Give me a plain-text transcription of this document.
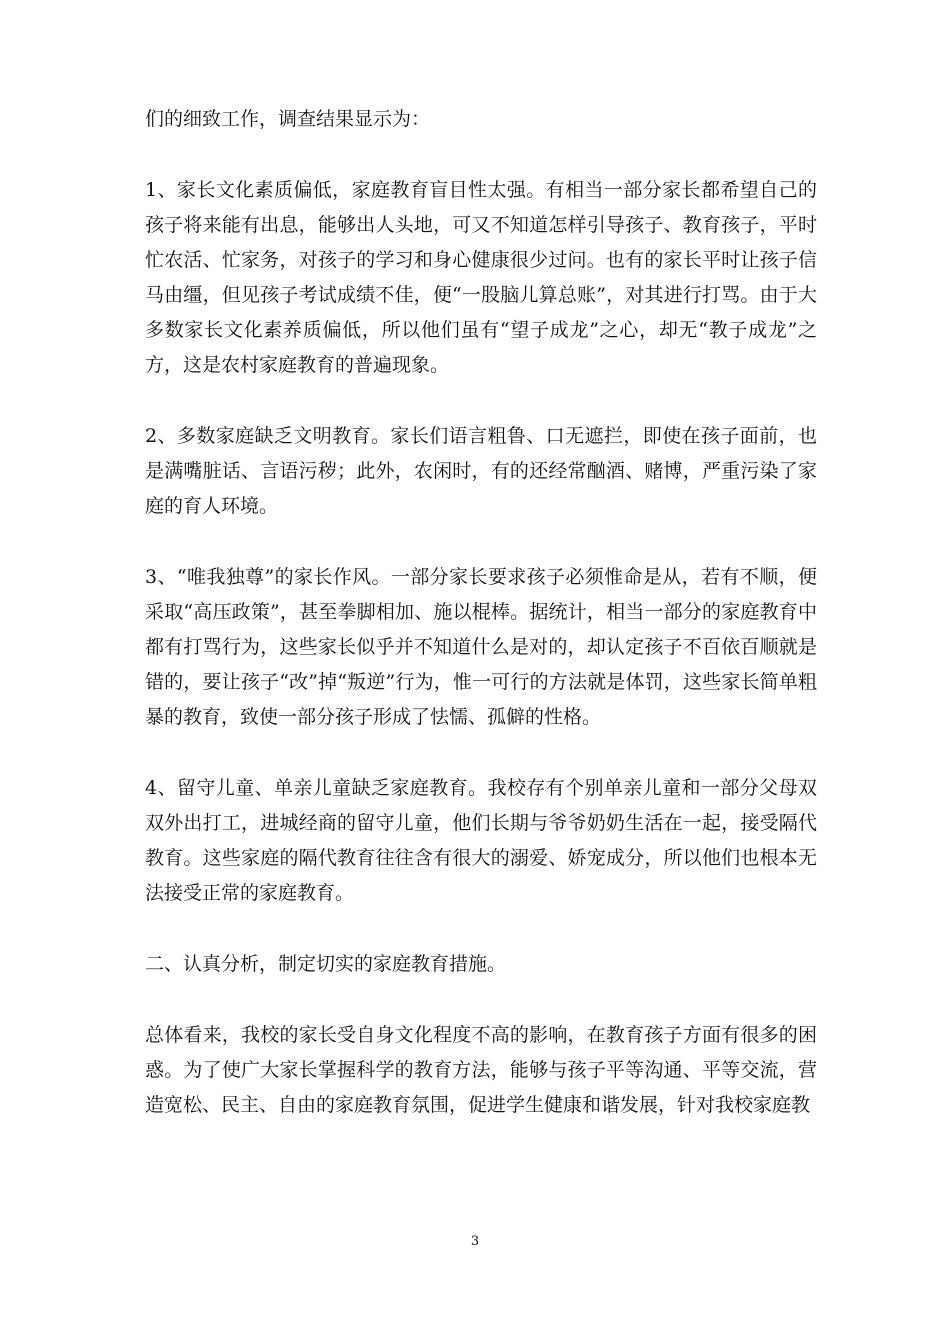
们的细致工作，调查结果显示为：

1、家长文化素质偏低，家庭教育盲目性太强。有相当一部分家长都希望自己的孩子将来能有出息，能够出人头地，可又不知道怎样引导孩子、教育孩子，平时忙农活、忙家务，对孩子的学习和身心健康很少过问。也有的家长平时让孩子信马由缰，但见孩子考试成绩不佳，便“一股脑儿算总账”，对其进行打骂。由于大多数家长文化素养质偏低，所以他们虽有“望子成龙”之心，却无“教子成龙”之方，这是农村家庭教育的普遍现象。

2、多数家庭缺乏文明教育。家长们语言粗鲁、口无遮拦，即使在孩子面前，也是满嘴脏话、言语污秽；此外，农闲时，有的还经常酗酒、赌博，严重污染了家庭的育人环境。

3、“唯我独尊”的家长作风。一部分家长要求孩子必须惟命是从，若有不顺，便采取“高压政策”，甚至拳脚相加、施以棍棒。据统计，相当一部分的家庭教育中都有打骂行为，这些家长似乎并不知道什么是对的，却认定孩子不百依百顺就是错的，要让孩子“改”掉“叛逆”行为，惟一可行的方法就是体罚，这些家长简单粗暴的教育，致使一部分孩子形成了怯懦、孤僻的性格。

4、留守儿童、单亲儿童缺乏家庭教育。我校存有个别单亲儿童和一部分父母双双外出打工，进城经商的留守儿童，他们长期与爷爷奶奶生活在一起，接受隔代教育。这些家庭的隔代教育往往含有很大的溺爱、娇宠成分，所以他们也根本无法接受正常的家庭教育。

二、认真分析，制定切实的家庭教育措施。

总体看来，我校的家长受自身文化程度不高的影响，在教育孩子方面有很多的困惑。为了使广大家长掌握科学的教育方法，能够与孩子平等沟通、平等交流，营造宽松、民主、自由的家庭教育氛围，促进学生健康和谐发展，针对我校家庭教

3
